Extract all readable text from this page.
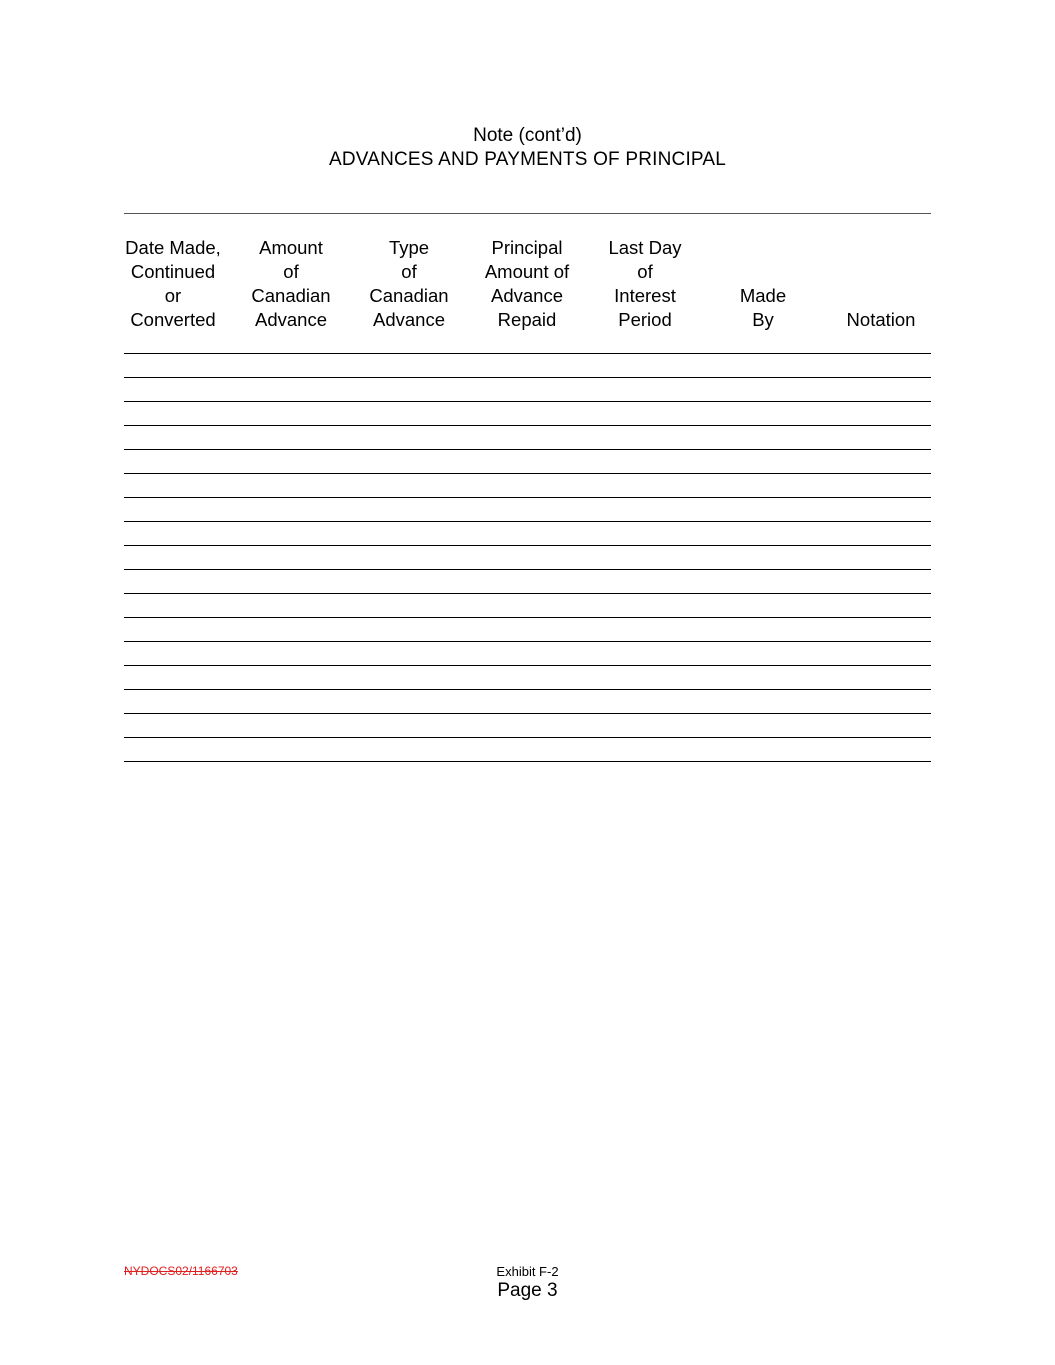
Note (cont’d)
ADVANCES AND PAYMENTS OF PRINCIPAL
Date Made,
Continued
or
Converted
Amount
of
Canadian
Advance
Type
of
Canadian
Advance
Principal
Amount of
Advance
Repaid
Last Day
of
Interest
Period
Made
By	Notation
NYDOCS02/1166703	Exhibit F-2
Page 3
